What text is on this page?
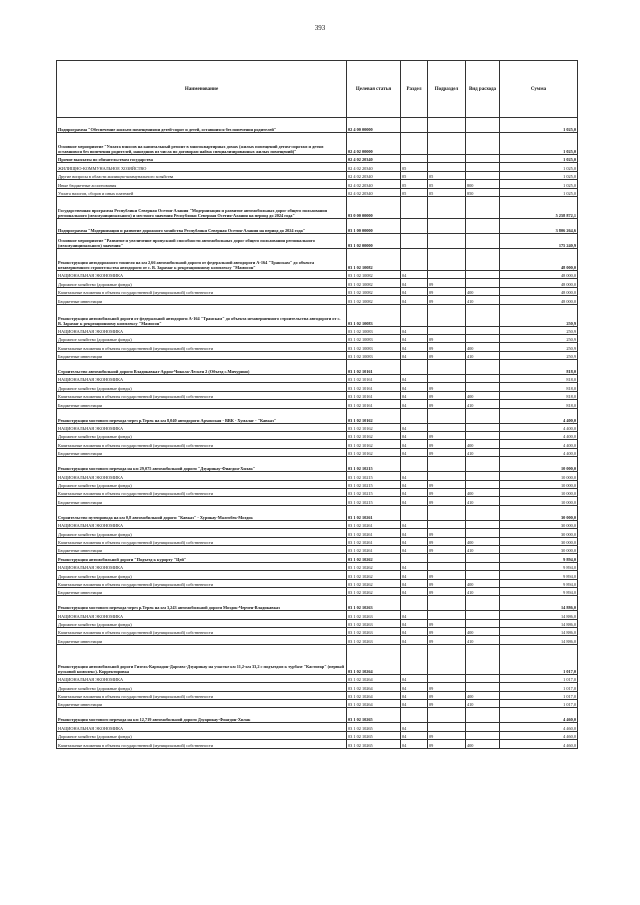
393
Наименование	Целевая статья	Раздел	Подраздел	Вид расхода	Сумма
Подпрограмма "Обеспечение жильем помещениями детей-сирот и детей, оставшихся без попечения родителей"	02 4 00 00000				1 025,0
Основное мероприятие "Уплата взносов на капитальный ремонт в многоквартирных домах (жилых помещений детям-сиротам и детям оставшимся без попечения родителей, нашедших из числа по договорам найма специализированных жилых помещений)"	02 4 02 00000				1 025,0
Прочие выплаты по обязательствам государства	02 4 02 20340				1 025,0
ЖИЛИЩНО-КОММУНАЛЬНОЕ ХОЗЯЙСТВО	02 4 02 20340	05			1 025,0
Другие вопросы в области жилищно-коммунального хозяйства	02 4 02 20340	05	05		1 025,0
Иные бюджетные ассигнования	02 4 02 20340	05	05	800	1 025,0
Уплата налогов, сборов и иных платежей	02 4 02 20340	05	05	850	1 025,0
Государственная программа Республики Северная Осетия-Алания "Модернизация и развитие автомобильных дорог общего пользования регионального (межмуниципального) и местного значения Республики Северная Осетия-Алания на период до 2024 года"	03 0 00 00000				5 258 872,1
Подпрограмма "Модернизация и развитие дорожного хозяйства Республики Северная Осетия-Алания на период до 2024 года"	03 1 00 00000				3 806 264,6
Основное мероприятие "Развитие и увеличение пропускной способности автомобильных дорог общего пользования регионального (межмуниципального) значения"	03 1 02 00000				175 240,9
Реконструкция автодорожного тоннеля на км 2,66 автомобильной дороги от федеральной автодороги А-164 "Транскам" до объекта незавершенного строительства автодороги от с. В. Зарамаг к рекреационному комплексу "Мамисон"	03 1 02 10082				48 000,0
НАЦИОНАЛЬНАЯ ЭКОНОМИКА	03 1 02 10082	04			48 000,0
Дорожное хозяйство (дорожные фонды)	03 1 02 10082	04	09		48 000,0
Капитальные вложения в объекты государственной (муниципальной) собственности	03 1 02 10082	04	09	400	48 000,0
Бюджетные инвестиции	03 1 02 10082	04	09	410	48 000,0
Реконструкция автомобильной дороги от федеральной автодороги А-164 "Транскам" до объекта незавершенного строительства автодороги от с. В. Зарамаг к рекреационному комплексу "Мамисон"	03 1 02 10083				250,9
НАЦИОНАЛЬНАЯ ЭКОНОМИКА	03 1 02 10083	04			250,9
Дорожное хозяйство (дорожные фонды)	03 1 02 10083	04	09		250,9
Капитальные вложения в объекты государственной (муниципальной) собственности	03 1 02 10083	04	09	400	250,9
Бюджетные инвестиции	03 1 02 10083	04	09	410	250,9
Строительство автомобильной дороги Владикавказ-Ардон-Чикола-Лескен 2 (Объезд с.Мичурино)	03 1 02 10161				818,0
НАЦИОНАЛЬНАЯ ЭКОНОМИКА	03 1 02 10161	04			818,0
Дорожное хозяйство (дорожные фонды)	03 1 02 10161	04	09		818,0
Капитальные вложения в объекты государственной (муниципальной) собственности	03 1 02 10161	04	09	400	818,0
Бюджетные инвестиции	03 1 02 10161	04	09	410	818,0
Реконструкция мостового перехода через р.Терек на км 8,040 автодороги Архонская - ВВК - Хумалаг - "Кавказ"	03 1 02 10162				4 400,0
НАЦИОНАЛЬНАЯ ЭКОНОМИКА	03 1 02 10162	04			4 400,0
Дорожное хозяйство (дорожные фонды)	03 1 02 10162	04	09		4 400,0
Капитальные вложения в объекты государственной (муниципальной) собственности	03 1 02 10162	04	09	400	4 400,0
Бюджетные инвестиции	03 1 02 10162	04	09	410	4 400,0
Реконструкция мостового перехода на км 29,075 автомобильной дороги "Дзуарикау-Фиагдон-Хилак"	03 1 02 10215				10 000,0
НАЦИОНАЛЬНАЯ ЭКОНОМИКА	03 1 02 10215	04			10 000,0
Дорожное хозяйство (дорожные фонды)	03 1 02 10215	04	09		10 000,0
Капитальные вложения в объекты государственной (муниципальной) собственности	03 1 02 10215	04	09	400	10 000,0
Бюджетные инвестиции	03 1 02 10215	04	09	410	10 000,0
Строительство путепровода на км 0,8 автомобильной дороги "Кавказ" - Хурикау-Малгобек-Моздок	03 1 02 10261				30 000,0
НАЦИОНАЛЬНАЯ ЭКОНОМИКА	03 1 02 10261	04			30 000,0
Дорожное хозяйство (дорожные фонды)	03 1 02 10261	04	09		30 000,0
Капитальные вложения в объекты государственной (муниципальной) собственности	03 1 02 10261	04	09	400	30 000,0
Бюджетные инвестиции	03 1 02 10261	04	09	410	30 000,0
Реконструкция автомобильной дороги "Подъезд к курорту "Цей"	03 1 02 10262				9 894,0
НАЦИОНАЛЬНАЯ ЭКОНОМИКА	03 1 02 10262	04			9 894,0
Дорожное хозяйство (дорожные фонды)	03 1 02 10262	04	09		9 894,0
Капитальные вложения в объекты государственной (муниципальной) собственности	03 1 02 10262	04	09	400	9 894,0
Бюджетные инвестиции	03 1 02 10262	04	09	410	9 894,0
Реконструкция мостового перехода через р.Терек на км 3,243 автомобильной дороги Моздок-Черчен-Владикавказ	03 1 02 10263				14 886,0
НАЦИОНАЛЬНАЯ ЭКОНОМИКА	03 1 02 10263	04			14 886,0
Дорожное хозяйство (дорожные фонды)	03 1 02 10263	04	09		14 886,0
Капитальные вложения в объекты государственной (муниципальной) собственности	03 1 02 10263	04	09	400	14 886,0
Бюджетные инвестиции	03 1 02 10263	04	09	410	14 886,0
Реконструкция автомобильной дороги Гизель-Кармадон-Даргавс-Дзуарикау на участке км 11,2-км 33,2 с подъездом к турбазе "Кастиеар" (первый пусковой комплекс). Корректировка	03 1 02 10264				1 017,0
НАЦИОНАЛЬНАЯ ЭКОНОМИКА	03 1 02 10264	04			1 017,0
Дорожное хозяйство (дорожные фонды)	03 1 02 10264	04	09		1 017,0
Капитальные вложения в объекты государственной (муниципальной) собственности	03 1 02 10264	04	09	400	1 017,0
Бюджетные инвестиции	03 1 02 10264	04	09	410	1 017,0
Реконструкция мостового перехода на км 12,719 автомобильной дороги Дзуарикау-Фиагдон-Хилак	03 1 02 10265				4 460,0
НАЦИОНАЛЬНАЯ ЭКОНОМИКА	03 1 02 10265	04			4 460,0
Дорожное хозяйство (дорожные фонды)	03 1 02 10265	04	09		4 460,0
Капитальные вложения в объекты государственной (муниципальной) собственности	03 1 02 10265	04	09	400	4 460,0
